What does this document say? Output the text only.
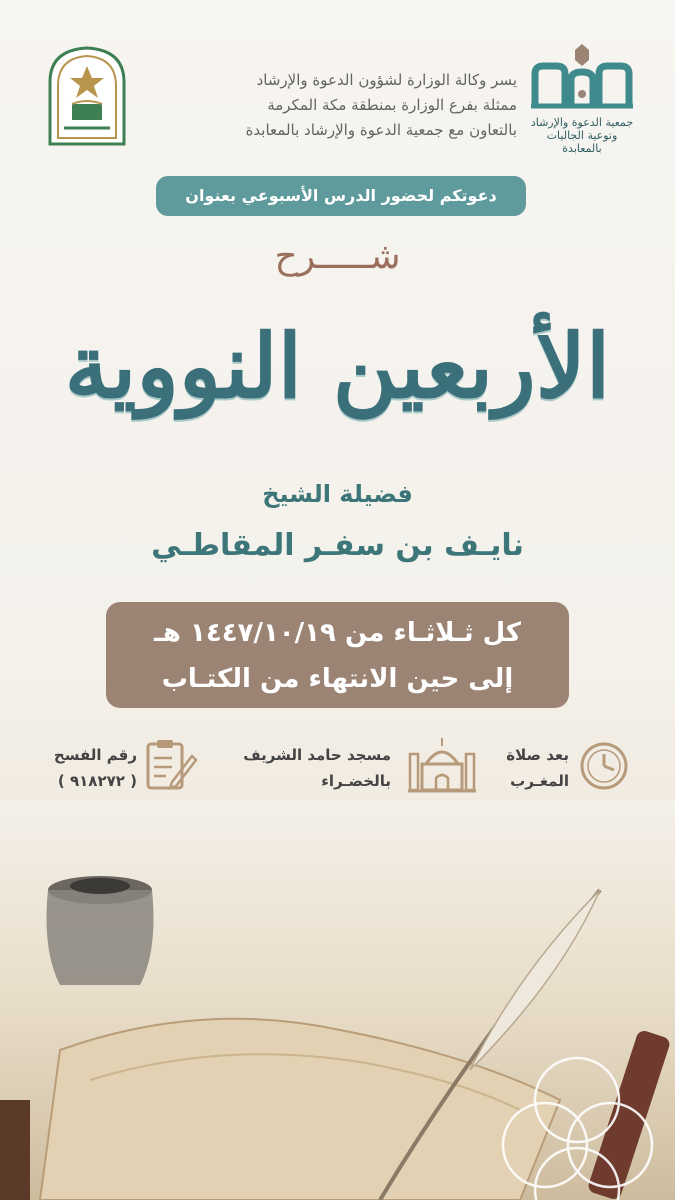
يسر وكالة الوزارة لشؤون الدعوة والإرشاد
ممثلة بفرع الوزارة بمنطقة مكة المكرمة
بالتعاون مع جمعية الدعوة والإرشاد بالمعابدة	جمعية الدعوة والإرشاد
وتوعية الجاليات بالمعابدة
دعوتكم لحضور الدرس الأسبوعي بعنوان
شـــــرح
الأربعين النووية
فضيلة الشيخ
نايـف بن سفـر المقاطـي
كل ثـلاثـاء من ١٤٤٧/١٠/١٩ هـ
إلى حين الانتهاء من الكتـاب
بعد صلاة
المغـرب
مسجد حامد الشريف
بالخضـراء
رقم الفسح
( ٩١٨٢٧٢ )
